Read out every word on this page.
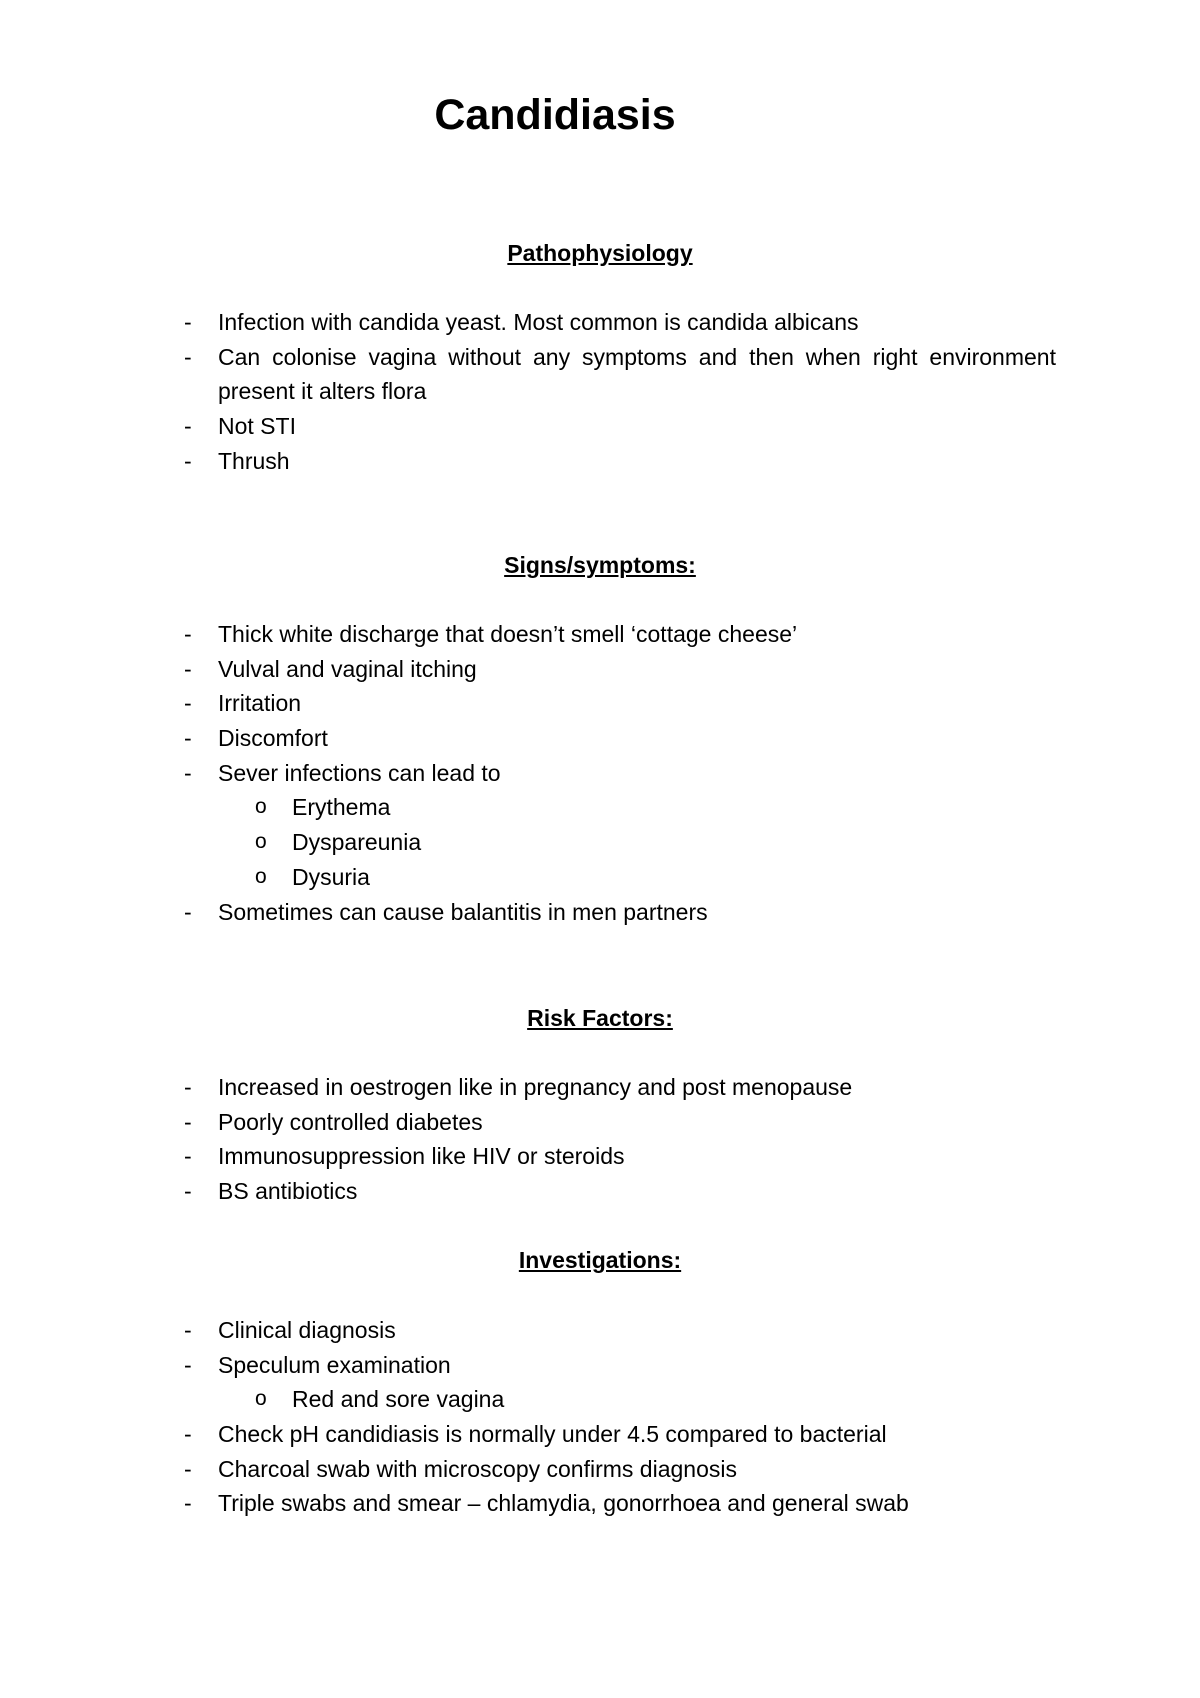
Candidiasis
Pathophysiology
- Infection with candida yeast. Most common is candida albicans
- Can colonise vagina without any symptoms and then when right environment present it alters flora
- Not STI
- Thrush
Signs/symptoms:
- Thick white discharge that doesn’t smell ‘cottage cheese’
- Vulval and vaginal itching
- Irritation
- Discomfort
- Sever infections can lead to
o Erythema
o Dyspareunia
o Dysuria
- Sometimes can cause balantitis in men partners
Risk Factors:
- Increased in oestrogen like in pregnancy and post menopause
- Poorly controlled diabetes
- Immunosuppression like HIV or steroids
- BS antibiotics
Investigations:
- Clinical diagnosis
- Speculum examination
o Red and sore vagina
- Check pH candidiasis is normally under 4.5 compared to bacterial
- Charcoal swab with microscopy confirms diagnosis
- Triple swabs and smear – chlamydia, gonorrhoea and general swab
